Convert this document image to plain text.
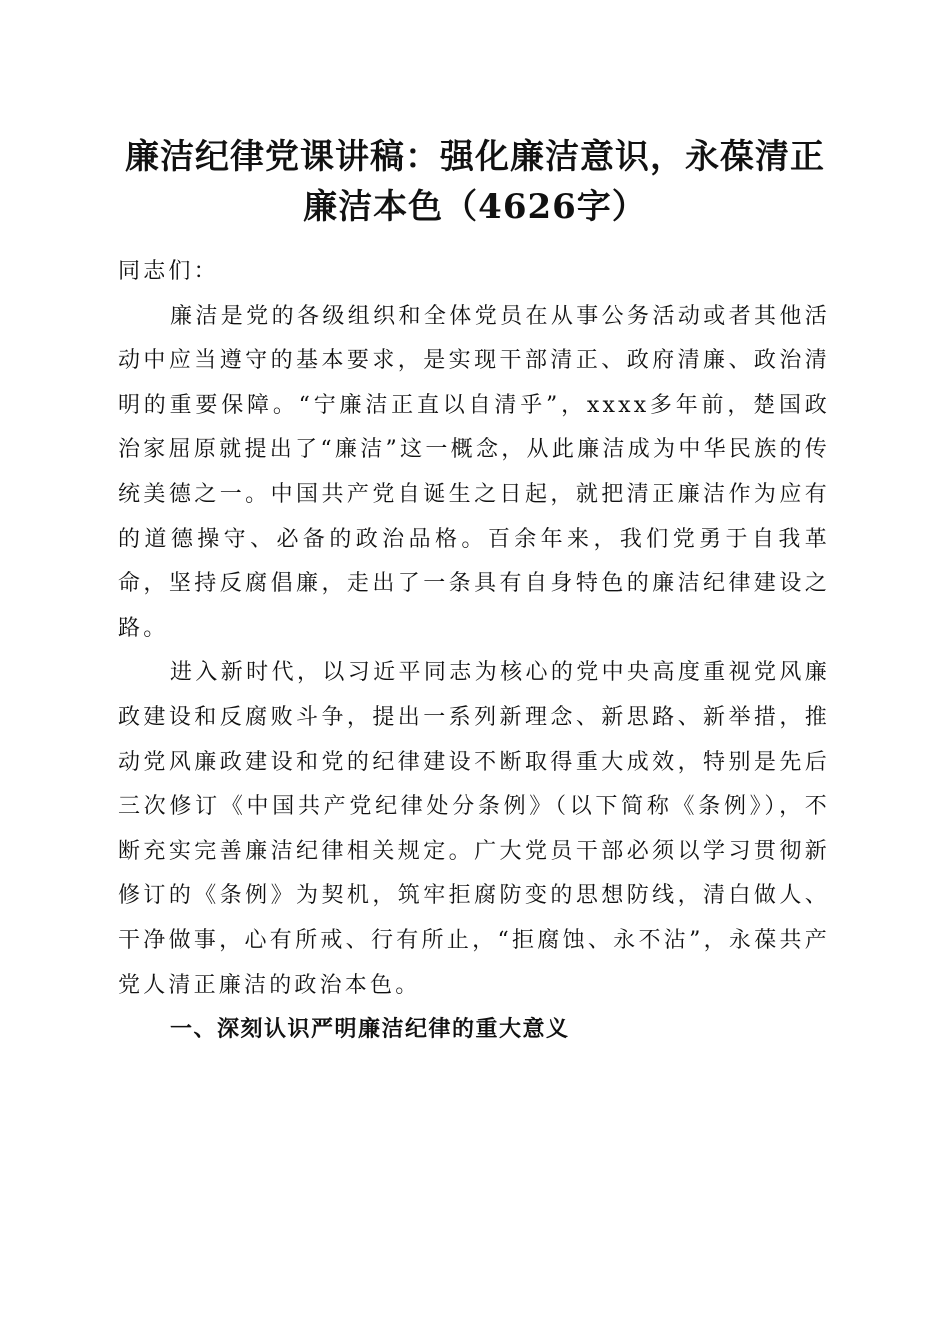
廉洁纪律党课讲稿：强化廉洁意识，永葆清正
廉洁本色（4626字）

同志们：

廉洁是党的各级组织和全体党员在从事公务活动或者其他活动中应当遵守的基本要求，是实现干部清正、政府清廉、政治清明的重要保障。“宁廉洁正直以自清乎”，xxxx多年前，楚国政治家屈原就提出了“廉洁”这一概念，从此廉洁成为中华民族的传统美德之一。中国共产党自诞生之日起，就把清正廉洁作为应有的道德操守、必备的政治品格。百余年来，我们党勇于自我革命，坚持反腐倡廉，走出了一条具有自身特色的廉洁纪律建设之路。

进入新时代，以习近平同志为核心的党中央高度重视党风廉政建设和反腐败斗争，提出一系列新理念、新思路、新举措，推动党风廉政建设和党的纪律建设不断取得重大成效，特别是先后三次修订《中国共产党纪律处分条例》（以下简称《条例》），不断充实完善廉洁纪律相关规定。广大党员干部必须以学习贯彻新修订的《条例》为契机，筑牢拒腐防变的思想防线，清白做人、干净做事，心有所戒、行有所止，“拒腐蚀、永不沾”，永葆共产党人清正廉洁的政治本色。

一、深刻认识严明廉洁纪律的重大意义
